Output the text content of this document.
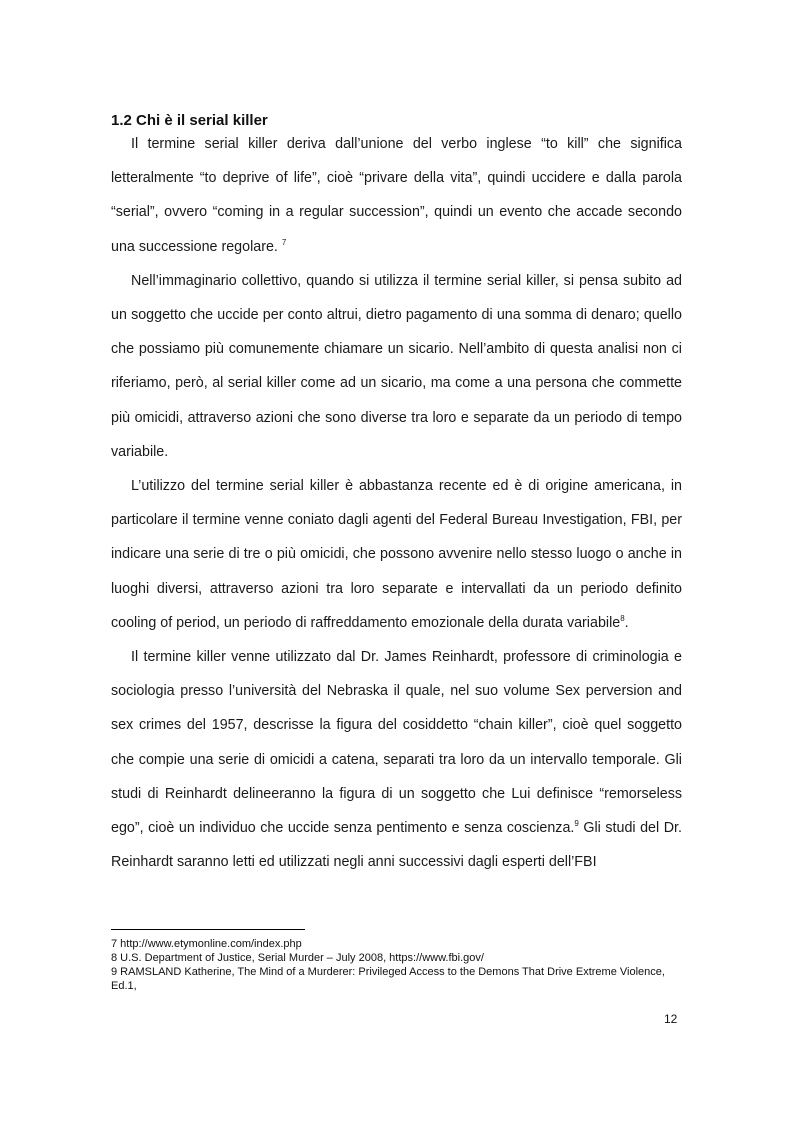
1.2 Chi è il serial killer

Il termine serial killer deriva dall’unione del verbo inglese “to kill” che significa letteralmente “to deprive of life”, cioè “privare della vita”, quindi uccidere e dalla parola “serial”, ovvero “coming in a regular succession”, quindi un evento che accade secondo una successione regolare. $^7$

Nell’immaginario collettivo, quando si utilizza il termine serial killer, si pensa subito ad un soggetto che uccide per conto altrui, dietro pagamento di una somma di denaro; quello che possiamo più comunemente chiamare un sicario. Nell’ambito di questa analisi non ci riferiamo, però, al serial killer come ad un sicario, ma come a una persona che commette più omicidi, attraverso azioni che sono diverse tra loro e separate da un periodo di tempo variabile.

L’utilizzo del termine serial killer è abbastanza recente ed è di origine americana, in particolare il termine venne coniato dagli agenti del Federal Bureau Investigation, FBI, per indicare una serie di tre o più omicidi, che possono avvenire nello stesso luogo o anche in luoghi diversi, attraverso azioni tra loro separate e intervallati da un periodo definito cooling of period, un periodo di raffreddamento emozionale della durata variabile$^8$.

Il termine killer venne utilizzato dal Dr. James Reinhardt, professore di criminologia e sociologia presso l’università del Nebraska il quale, nel suo volume Sex perversion and sex crimes del 1957, descrisse la figura del cosiddetto “chain killer”, cioè quel soggetto che compie una serie di omicidi a catena, separati tra loro da un intervallo temporale. Gli studi di Reinhardt delineeranno la figura di un soggetto che Lui definisce “remorseless ego”, cioè un individuo che uccide senza pentimento e senza coscienza.$^9$ Gli studi del Dr. Reinhardt saranno letti ed utilizzati negli anni successivi dagli esperti dell’FBI

7 http://www.etymonline.com/index.php
8 U.S. Department of Justice, Serial Murder – July 2008, https://www.fbi.gov/
9 RAMSLAND Katherine, The Mind of a Murderer: Privileged Access to the Demons That Drive Extreme Violence, Ed.1,
12
